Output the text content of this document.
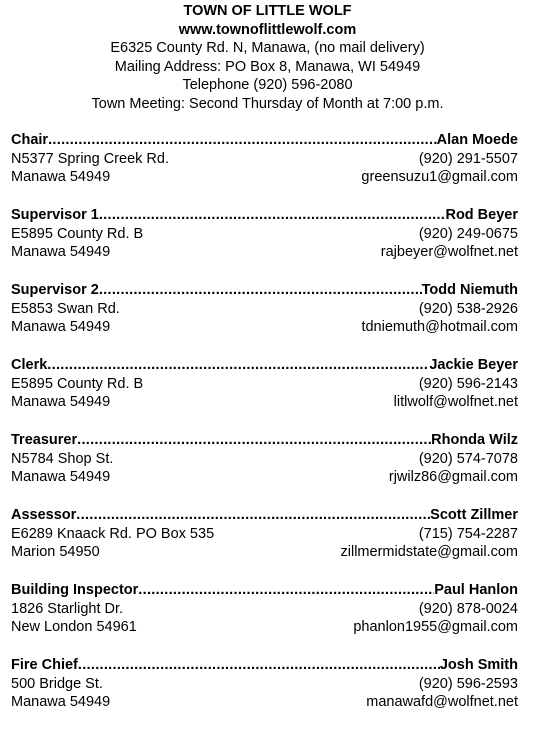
TOWN OF LITTLE WOLF
www.townoflittlewolf.com
E6325 County Rd. N, Manawa, (no mail delivery)
Mailing Address: PO Box 8, Manawa, WI 54949
Telephone (920) 596-2080
Town Meeting: Second Thursday of Month at 7:00 p.m.
Chair .....	Alan Moede
N5377 Spring Creek Rd.	(920) 291-5507
Manawa 54949	greensuzu1@gmail.com
Supervisor 1 .....	Rod Beyer
E5895 County Rd. B	(920) 249-0675
Manawa 54949	rajbeyer@wolfnet.net
Supervisor 2 .....	Todd Niemuth
E5853 Swan Rd.	(920) 538-2926
Manawa 54949	tdniemuth@hotmail.com
Clerk .....	Jackie Beyer
E5895 County Rd. B	(920) 596-2143
Manawa 54949	litlwolf@wolfnet.net
Treasurer .....	Rhonda Wilz
N5784 Shop St.	(920) 574-7078
Manawa 54949	rjwilz86@gmail.com
Assessor .....	Scott Zillmer
E6289 Knaack Rd. PO Box 535	(715) 754-2287
Marion 54950	zillmermidstate@gmail.com
Building Inspector .....	Paul Hanlon
1826 Starlight Dr.	(920) 878-0024
New London 54961	phanlon1955@gmail.com
Fire Chief .....	Josh Smith
500 Bridge St.	(920) 596-2593
Manawa 54949	manawafd@wolfnet.net
